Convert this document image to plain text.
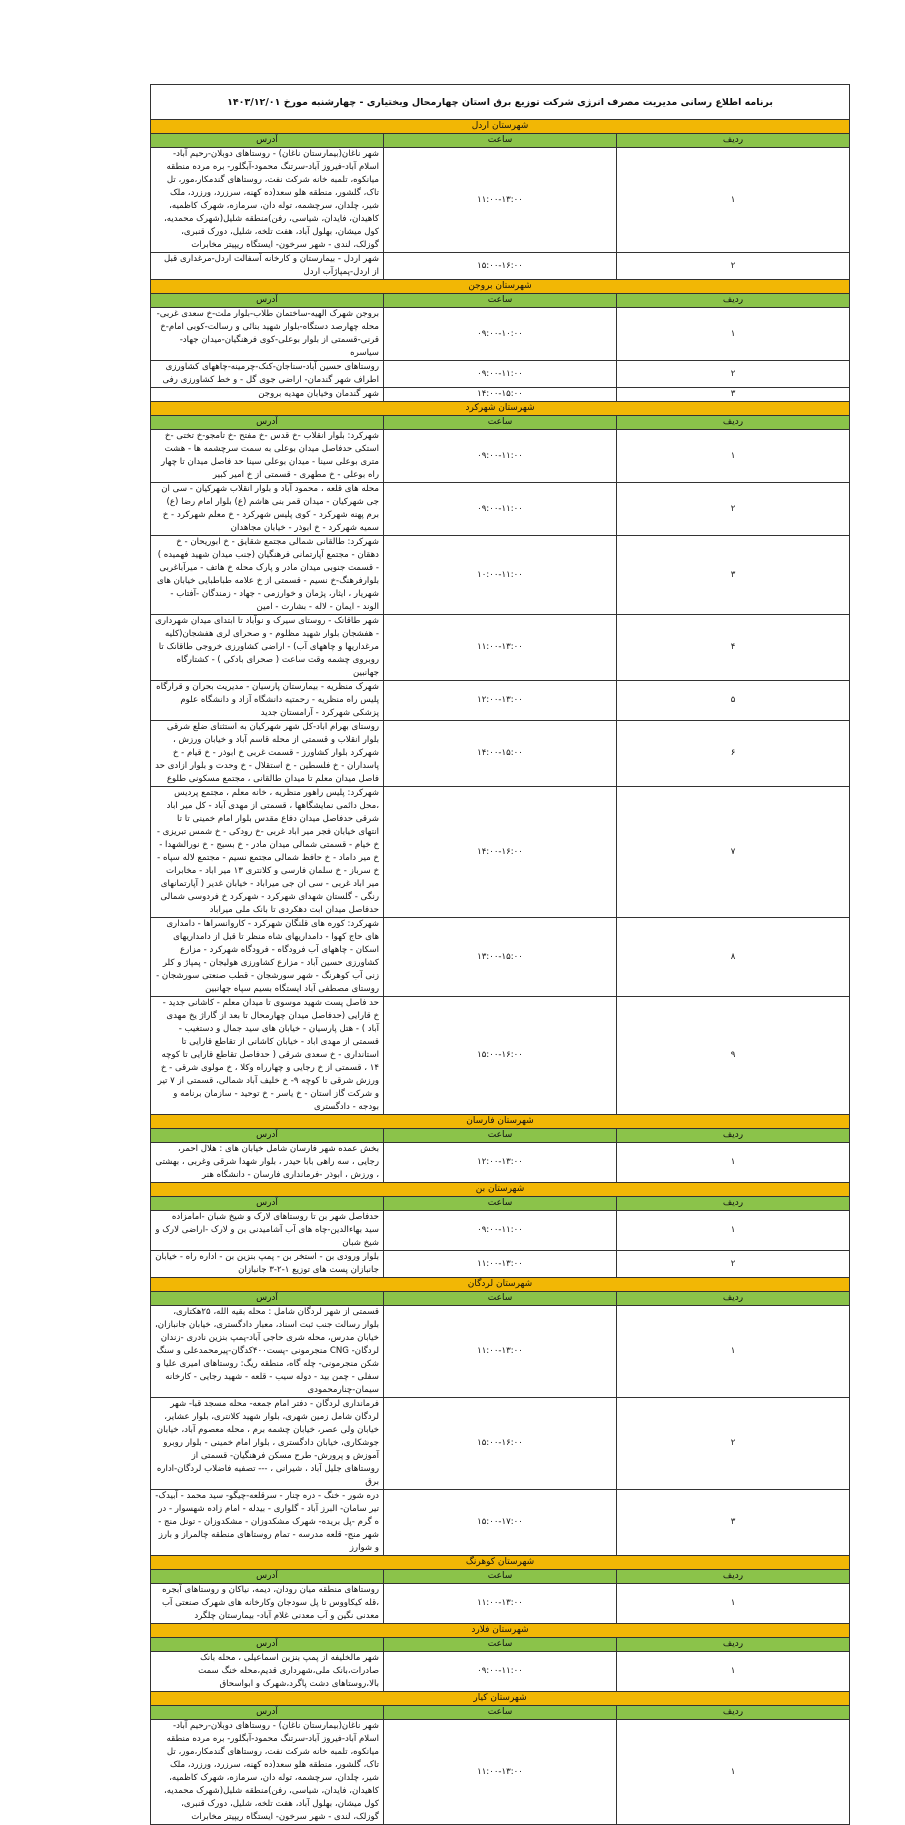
برنامه اطلاع رسانی مدیریت مصرف انرژی شرکت توزیع برق استان چهارمحال وبختیاری - چهارشنبه مورخ ۱۴۰۳/۱۲/۰۱		
شهرستان اردل		
ردیف	ساعت	آدرس
۱	۱۱:۰۰-۱۳:۰۰	شهر ناغان(بیمارستان ناغان) - روستاهای دوبلان-رحیم آباد-اسلام آباد-فیروز آباد-سرتنگ محمود-آبگلور- بره مرده منطقه میانکوه، تلمبه خانه شرکت نفت، روستاهای گندمکار،مور، تل تاک، گلشور، منطقه هلو سعد(ده کهنه، سرزرد، ورزرد، ملک شیر، چلدان، سرچشمه، توله دان، سرمازه، شهرک کاظمیه، کاهیدان، فایدان، شیاسی، رفن)منطقه شلیل(شهرک محمدیه، کول میشان، بهلول آباد، هفت تلخه، شلیل، دورک قنبری، گوزلک، لندی - شهر سرخون- ایستگاه ریپیتر مخابرات
۲	۱۵:۰۰-۱۶:۰۰	شهر اردل - بیمارستان و کارخانه آسفالت اردل-مرغداری قبل از اردل-پمپاژآب اردل
شهرستان بروجن		
ردیف	ساعت	آدرس
۱	۰۹:۰۰-۱۰:۰۰	بروجن شهرک الهیه-ساختمان طلاب-بلوار ملت-خ سعدی غربی-محله چهارصد دستگاه-بلوار شهید بنائی و رسالت-کوبی امام-خ قرنی-قسمتی از بلوار بوعلی-کوی فرهنگیان-میدان جهاد- سیاسره
۲	۰۹:۰۰-۱۱:۰۰	روستاهای حسین آباد-سناجان-کنک-چرمینه-چاههای کشاورزی اطراف شهر گندمان- اراضی جوی گل - و خط کشاورزی رفی
۳	۱۴:۰۰-۱۵:۰۰	شهر گندمان وخیابان مهدیه بروجن
شهرستان شهرکرد		
ردیف	ساعت	آدرس
۱	۰۹:۰۰-۱۱:۰۰	شهرکرد: بلوار انقلاب -خ قدس -خ مفتح -خ تامجو-خ تختی -خ استکی حدفاصل میدان بوعلی به سمت سرچشمه ها - هشت متری بوعلی سینا - میدان بوعلی سینا حد فاصل میدان تا چهار راه بوعلی - خ مطهری - قسمتی از خ امیر کبیر
۲	۰۹:۰۰-۱۱:۰۰	محله های قلعه ، محمود آباد و بلوار انقلاب شهرکیان - سی ان جی شهرکیان - میدان قمر بنی هاشم (ع) بلوار امام رضا (ع) برم پهنه شهرکرد - کوی پلیس شهرکرد - خ معلم شهرکرد - خ سمیه شهرکرد - خ ابوذر - خیابان مجاهدان
۳	۱۰:۰۰-۱۱:۰۰	شهرکرد: طالقانی شمالی مجتمع شقایق - خ ابوریحان - خ دهقان - مجتمع آپارتمانی فرهنگیان (جنب میدان شهید فهمیده ) - قسمت جنوبی میدان مادر و پارک محله خ هاتف - میرآباغربی بلوارفرهنگ-خ نسیم - قسمتی از خ علامه طباطبایی خیابان های شهریار ، ایثار، پژمان و خوارزمی - جهاد - زمندگان -آفتاب - الوند - ایمان - لاله - بشارت - امین
۴	۱۱:۰۰-۱۳:۰۰	شهر طاقانک - روستای سیرک و نوآباد تا ابتدای میدان شهرداری - هفشجان بلوار شهید مظلوم - و صحرای لری هفشجان(کلیه مرغداریها و چاههای آب) - اراضی کشاورزی خروجی طاقانک تا روبروی چشمه وقت ساعت ( صحرای بادکی ) - کشتارگاه جهانبین
۵	۱۲:۰۰-۱۳:۰۰	شهرک منظریه - بیمارستان پارسیان - مدیریت بحران و قرارگاه پلیس راه منظریه - رحمتیه دانشگاه آزاد و دانشگاه علوم پزشکی شهرکرد - آرامستان جدید
۶	۱۴:۰۰-۱۵:۰۰	روستای بهرام اباد-کل شهر شهرکیان به استثنای ضلع شرقی بلوار انقلاب و قسمتی از محله قاسم آباد و خیابان ورزش ، شهرکرد بلوار کشاورز - قسمت غربی خ ابوذر - خ قیام - خ پاسداران - خ فلسطین - خ استقلال - خ وحدت و بلوار ازادی حد فاصل میدان معلم تا میدان طالقانی ، مجتمع مسکونی طلوع
۷	۱۴:۰۰-۱۶:۰۰	شهرکرد: پلیس راهور منظریه ، خانه معلم ، مجتمع پردیس ،محل دائمی نمایشگاهها ، قسمتی از مهدی آباد - کل میر اباد شرقی حدفاصل میدان دفاع مقدس بلوار امام خمینی تا تا انتهای خیابان فجر میر اباد غربی -خ رودکی - خ شمس تبریزی - خ خیام - قسمتی شمالی میدان مادر - خ بسیج - خ نورالشهدا - خ میر داماد - خ حافظ شمالی مجتمع نسیم - مجتمع لاله سپاه - خ سرباز - خ سلمان فارسی و کلانتری ۱۳ میر اباد - مخابرات میر اباد غربی - سی ان جی میراباد - خیابان غدیر ( آپارتمانهای رنگی - گلستان شهدای شهرکرد - شهرکرد خ فردوسی شمالی حدفاصل میدان ابت دهکردی تا بانک ملی میراباد
۸	۱۳:۰۰-۱۵:۰۰	شهرکرد: کوره های قلنگان شهرکرد - کاروانسراها - دامداری های حاج کهوا - دامداریهای شاه منظر تا قبل از دامداریهای اسکان - چاههای آب فرودگاه - فرودگاه شهرکرد - مزارع کشاورزی حسین آباد - مزارع کشاورزی هولیجان - پمپاژ و کلر زنی آب کوهرنگ - شهر سورشجان - قطب صنعتی سورشجان - روستای مصطفی آباد ایستگاه بسیم سپاه جهانبین
۹	۱۵:۰۰-۱۶:۰۰	حد فاصل پست شهید موسوی تا میدان معلم - کاشانی جدید - خ قارایی (حدفاصل میدان چهارمحال تا بعد از گاراژ یخ مهدی آباد ) - هتل پارسیان - خیابان های سید جمال و دستغیب - قسمتی از مهدی اباد - خیابان کاشانی از تقاطع قارایی تا استانداری - خ سعدی شرقی ( حدفاصل تقاطع قارایی تا کوچه ۱۴ ، قسمتی از خ رجایی و چهارراه وکلا ، خ مولوی شرقی - خ ورزش شرقی تا کوچه ۹- خ خلیف آباد شمالی، قسمتی از ۷ تیر و شرکت گاز استان - خ یاسر - خ توحید - سازمان برنامه و بودجه - دادگستری
شهرستان فارسان		
ردیف	ساعت	آدرس
۱	۱۲:۰۰-۱۳:۰۰	بخش عمده شهر فارسان شامل خیابان های : هلال احمر، رجایی ، سه راهی بابا حیدر ، بلوار شهدا شرقی وغربی ، بهشتی ، ورزش ، ابوذر -فرمانداری فارسان - دانشگاه هنر
شهرستان بن		
ردیف	ساعت	آدرس
۱	۰۹:۰۰-۱۱:۰۰	حدفاصل شهر بن تا روستاهای لارک و شیخ شبان -امامزاده سید بهاءالدین-چاه های آب آشامیدنی بن و لارک -اراضی لارک و شیخ شبان
۲	۱۱:۰۰-۱۳:۰۰	بلوار ورودی بن - استخر بن - پمپ بنزین بن - اداره راه - خیابان جانبازان پست های توزیع ۱-۲-۳ جانبازان
شهرستان لردگان		
ردیف	ساعت	آدرس
۱	۱۱:۰۰-۱۳:۰۰	قسمتی از شهر لردگان شامل : محله بقیه الله، ۲۵هکتاری، بلوار رسالت جنب ثبت اسناد، معبار دادگستری، خیابان جانبازان، خیابان مدرس، محله شری حاجی آباد-پمپ بنزین نادری -زندان لردگان- CNG منجرمونی -پست۴۰۰کدگان-پیرمحمدعلی و سنگ شکن منجرمونی- چله گاه، منطقه ریگ: روستاهای امیری علیا و سفلی - چمن بید - دوله سیب - قلعه - شهید رجایی - کارخانه سیمان-چنارمحمودی
۲	۱۵:۰۰-۱۶:۰۰	فرمانداری لردگان - دفتر امام جمعه- محله مسجد قبا- شهر لردگان شامل زمین شهری، بلوار شهید کلانتری، بلوار عشایر، خیابان ولی عصر، خیابان چشمه برم ، محله معصوم آباد، خیابان جوشکاری، خیابان دادگستری ، بلوار امام خمینی - بلوار روبرو آموزش و پرورش- طرح مسکن فرهنگیان- قسمتی از روستاهای جلیل آباد ، شیرانی ، --- تصفیه فاضلاب لردگان-اداره برق
۳	۱۵:۰۰-۱۷:۰۰	دره شور - خنگ - دره چنار - سرقلعه-چیگو- سید محمد - آبیدک- تیر سامان- البرز آباد - گلواری - بیدله - امام زاده شهسوار - در ه گرم -پل بریده- شهرک مشکدوزان - مشکدوزان - تونل منج - شهر منج- قلعه مدرسه - تمام روستاهای منطقه چالمراز و بارز و شوارز
شهرستان کوهرنگ		
ردیف	ساعت	آدرس
۱	۱۱:۰۰-۱۳:۰۰	روستاهای منطقه میان رودان، دیمه، نیاکان و روستاهای آبجره ،قله کیکاووس تا پل سودجان وکارخانه های شهرک صنعتی آب معدنی نگین و آب معدنی غلام آباد- بیمارستان چلگرد
شهرستان فلارد		
ردیف	ساعت	آدرس
۱	۰۹:۰۰-۱۱:۰۰	شهر مالخلیفه از پمپ بنزین اسماعیلی ، محله بانک صادرات،بانک ملی،شهرداری قدیم،محله خنگ سمت بالا،روستاهای دشت پاگرد،شهرک و ابواسحاق
شهرستان کیار		
ردیف	ساعت	آدرس
۱	۱۱:۰۰-۱۳:۰۰	شهر ناغان(بیمارستان ناغان) - روستاهای دوبلان-رحیم آباد-اسلام آباد-فیروز آباد-سرتنگ محمود-آبگلور- بره مرده منطقه میانکوه، تلمبه خانه شرکت نفت، روستاهای گندمکار،مور، تل تاک، گلشور، منطقه هلو سعد(ده کهنه، سرزرد، ورزرد، ملک شیر، چلدان، سرچشمه، توله دان، سرمازه، شهرک کاظمیه، کاهیدان، فایدان، شیاسی، رفن)منطقه شلیل(شهرک محمدیه، کول میشان، بهلول آباد، هفت تلخه، شلیل، دورک قنبری، گوزلک، لندی - شهر سرخون- ایستگاه ریپیتر مخابرات
